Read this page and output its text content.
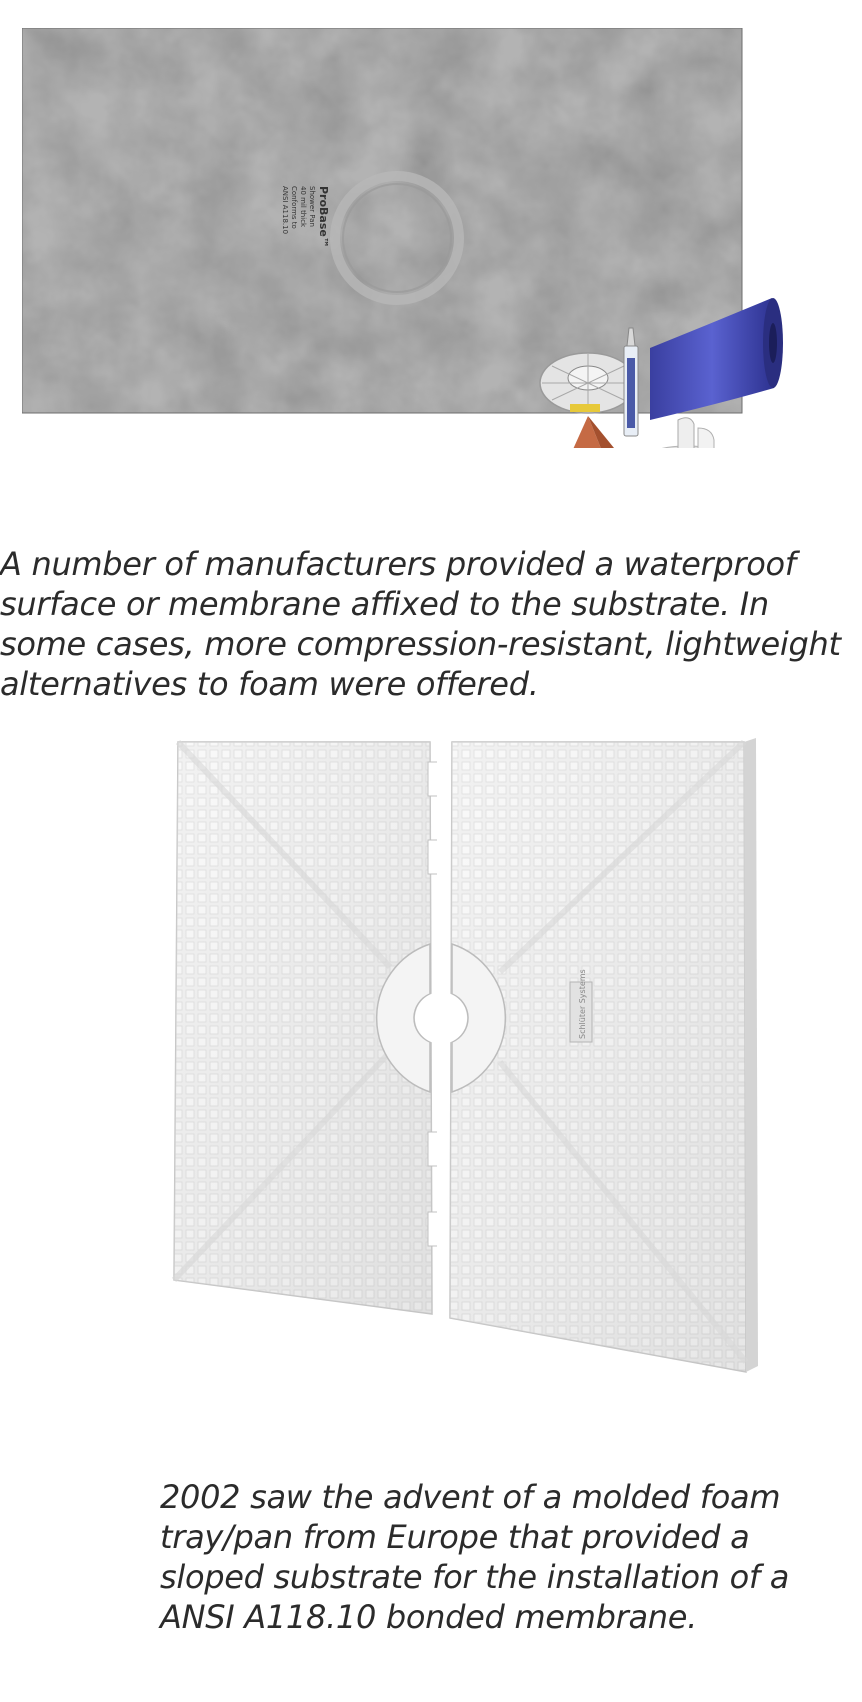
ProBase™
Shower Pan
40 mil thick
Conforms to
ANSI A118.10
A number of manufacturers provided a waterproof
surface or membrane affixed to the substrate. In
some cases, more compression-resistant, lightweight
alternatives to foam were offered.
Schlüter Systems
2002 saw the advent of a molded foam
tray/pan from Europe that provided a
sloped substrate for the installation of a
ANSI A118.10 bonded membrane.
